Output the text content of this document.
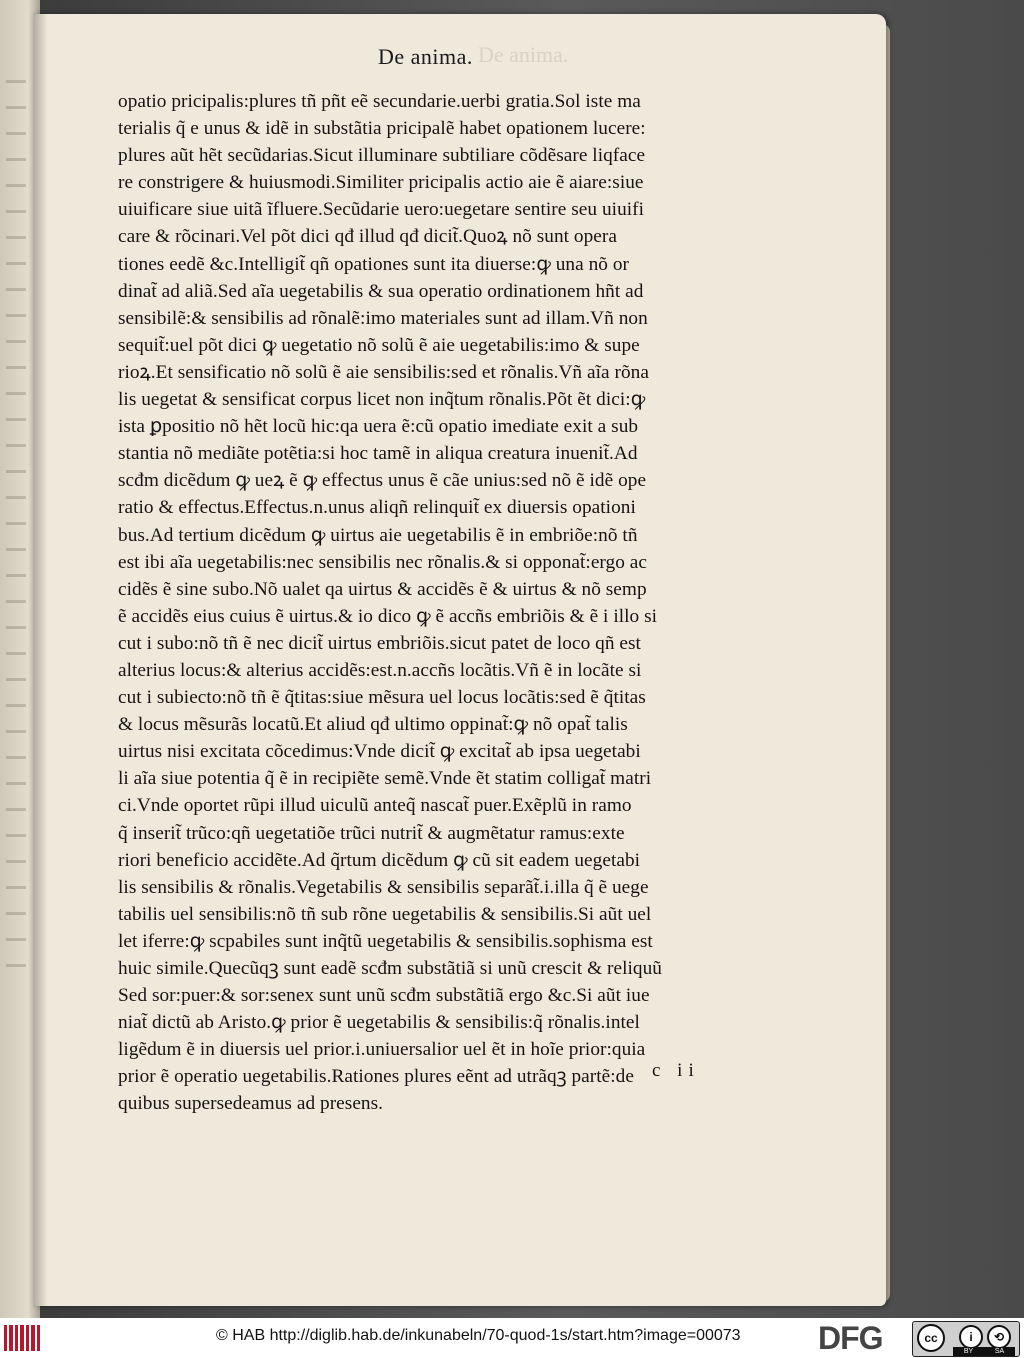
De anima.
De anima.
opatio pricipalis:plures tñ pñt eẽ secundarie.uerbi gratia.Sol iste ma
terialis q̃ e unus & idẽ in substãtia pricipalẽ habet opationem lucere:
plures aũt hẽt secũdarias.Sicut illuminare subtiliare cõdẽsare liqface
re constrigere & huiusmodi.Similiter pricipalis actio aie ẽ aiare:siue
uiuificare siue uitã ĩfluere.Secũdarie uero:uegetare sentire seu uiuifi
care & rõcinari.Vel põt dici qđ illud qđ dicit̃.Quoꝝ nõ sunt opera
tiones eedẽ &c.Intelligit̃ qñ opationes sunt ita diuerse:ꝙ una nõ or
dinat̃ ad aliã.Sed aĩa uegetabilis & sua operatio ordinationem hñt ad
sensibilẽ:& sensibilis ad rõnalẽ:imo materiales sunt ad illam.Vñ non
sequit̃:uel põt dici ꝙ uegetatio nõ solũ ẽ aie uegetabilis:imo & supe
rioꝝ.Et sensificatio nõ solũ ẽ aie sensibilis:sed et rõnalis.Vñ aĩa rõna
lis uegetat & sensificat corpus licet non inq̃tum rõnalis.Põt ẽt dici:ꝙ
ista ꝑpositio nõ hẽt locũ hic:qa uera ẽ:cũ opatio imediate exit a sub
stantia nõ mediãte potẽtia:si hoc tamẽ in aliqua creatura inuenit̃.Ad
scđm dicẽdum ꝙ ueꝝ ẽ ꝙ effectus unus ẽ cãe unius:sed nõ ẽ idẽ ope
ratio & effectus.Effectus.n.unus aliqñ relinquit̃ ex diuersis opationi
bus.Ad tertium dicẽdum ꝙ uirtus aie uegetabilis ẽ in embriõe:nõ tñ
est ibi aĩa uegetabilis:nec sensibilis nec rõnalis.& si opponat̃:ergo ac
cidẽs ẽ sine subo.Nõ ualet qa uirtus & accidẽs ẽ & uirtus & nõ semp
ẽ accidẽs eius cuius ẽ uirtus.& io dico ꝙ ẽ accñs embriõis & ẽ i illo si
cut i subo:nõ tñ ẽ nec dicit̃ uirtus embriõis.sicut patet de loco qñ est
alterius locus:& alterius accidẽs:est.n.accñs locãtis.Vñ ẽ in locãte si
cut i subiecto:nõ tñ ẽ q̃titas:siue mẽsura uel locus locãtis:sed ẽ q̃titas
& locus mẽsurãs locatũ.Et aliud qđ ultimo oppinat̃:ꝙ nõ opat̃ talis
uirtus nisi excitata cõcedimus:Vnde dicit̃ ꝙ excitat̃ ab ipsa uegetabi
li aĩa siue potentia q̃ ẽ in recipiẽte semẽ.Vnde ẽt statim colligat̃ matri
ci.Vnde oportet rũpi illud uiculũ anteq̃ nascat̃ puer.Exẽplũ in ramo
q̃ inserit̃ trũco:qñ uegetatiõe trũci nutrit̃ & augmẽtatur ramus:exte
riori beneficio accidẽte.Ad q̃rtum dicẽdum ꝙ cũ sit eadem uegetabi
lis sensibilis & rõnalis.Vegetabilis & sensibilis separãt̃.i.illa q̃ ẽ uege
tabilis uel sensibilis:nõ tñ sub rõne uegetabilis & sensibilis.Si aũt uel
let iferre:ꝙ scpabiles sunt inq̃tũ uegetabilis & sensibilis.sophisma est
huic simile.Quecũqꝫ sunt eadẽ scđm substãtiã si unũ crescit & reliquũ
Sed sor:puer:& sor:senex sunt unũ scđm substãtiã ergo &c.Si aũt iue
niat̃ dictũ ab Aristo.ꝙ prior ẽ uegetabilis & sensibilis:q̃ rõnalis.intel
ligẽdum ẽ in diuersis uel prior.i.uniuersalior uel ẽt in hoĩe prior:quia
prior ẽ operatio uegetabilis.Rationes plures eẽnt ad utrãqꝫ partẽ:de
quibus supersedeamus ad presens.
c ii
© HAB http://diglib.hab.de/inkunabeln/70-quod-1s/start.htm?image=00073 DFG	cc	i	⟲
BY	SA
